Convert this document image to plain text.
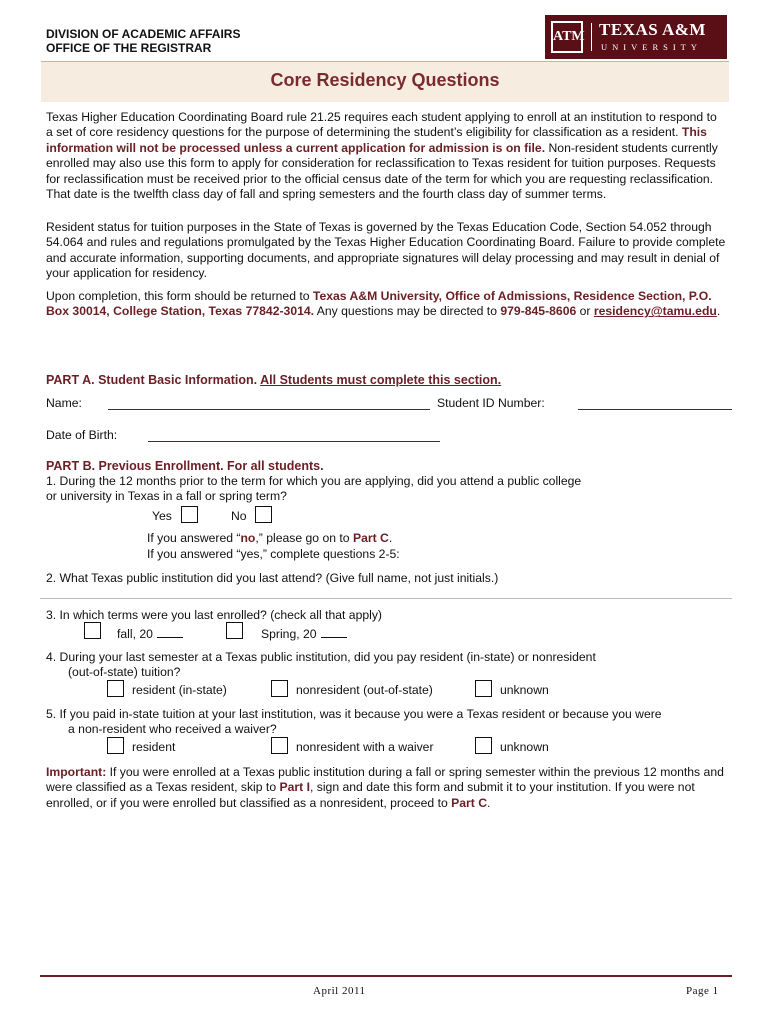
DIVISION OF ACADEMIC AFFAIRS
OFFICE OF THE REGISTRAR
ATM TEXAS A&M
UNIVERSITY
Core Residency Questions

Texas Higher Education Coordinating Board rule 21.25 requires each student applying to enroll at an institution to respond to a set of core residency questions for the purpose of determining the student’s eligibility for classification as a resident. This information will not be processed unless a current application for admission is on file. Non-resident students currently enrolled may also use this form to apply for consideration for reclassification to Texas resident for tuition purposes. Requests for reclassification must be received prior to the official census date of the term for which you are requesting reclassification. That date is the twelfth class day of fall and spring semesters and the fourth class day of summer terms.

Resident status for tuition purposes in the State of Texas is governed by the Texas Education Code, Section 54.052 through 54.064 and rules and regulations promulgated by the Texas Higher Education Coordinating Board. Failure to provide complete and accurate information, supporting documents, and appropriate signatures will delay processing and may result in denial of your application for residency.

Upon completion, this form should be returned to Texas A&M University, Office of Admissions, Residence Section, P.O. Box 30014, College Station, Texas 77842-3014. Any questions may be directed to 979-845-8606 or residency@tamu.edu.

PART A. Student Basic Information. All Students must complete this section.
Name:	Student ID Number:
Date of Birth:
PART B. Previous Enrollment. For all students.

1. During the 12 months prior to the term for which you are applying, did you attend a public college or university in Texas in a fall or spring term?

Yes	No
If you answered “no,” please go on to Part C.
If you answered “yes,” complete questions 2-5:
2. What Texas public institution did you last attend? (Give full name, not just initials.)
3. In which terms were you last enrolled? (check all that apply)
fall, 20	Spring, 20
4. During your last semester at a Texas public institution, did you pay resident (in-state) or nonresident
(out-of-state) tuition?
resident (in-state)	nonresident (out-of-state)	unknown
5. If you paid in-state tuition at your last institution, was it because you were a Texas resident or because you were
a non-resident who received a waiver?
resident	nonresident with a waiver	unknown

Important: If you were enrolled at a Texas public institution during a fall or spring semester within the previous 12 months and were classified as a Texas resident, skip to Part I, sign and date this form and submit it to your institution. If you were not enrolled, or if you were enrolled but classified as a nonresident, proceed to Part C.

April 2011	Page 1
